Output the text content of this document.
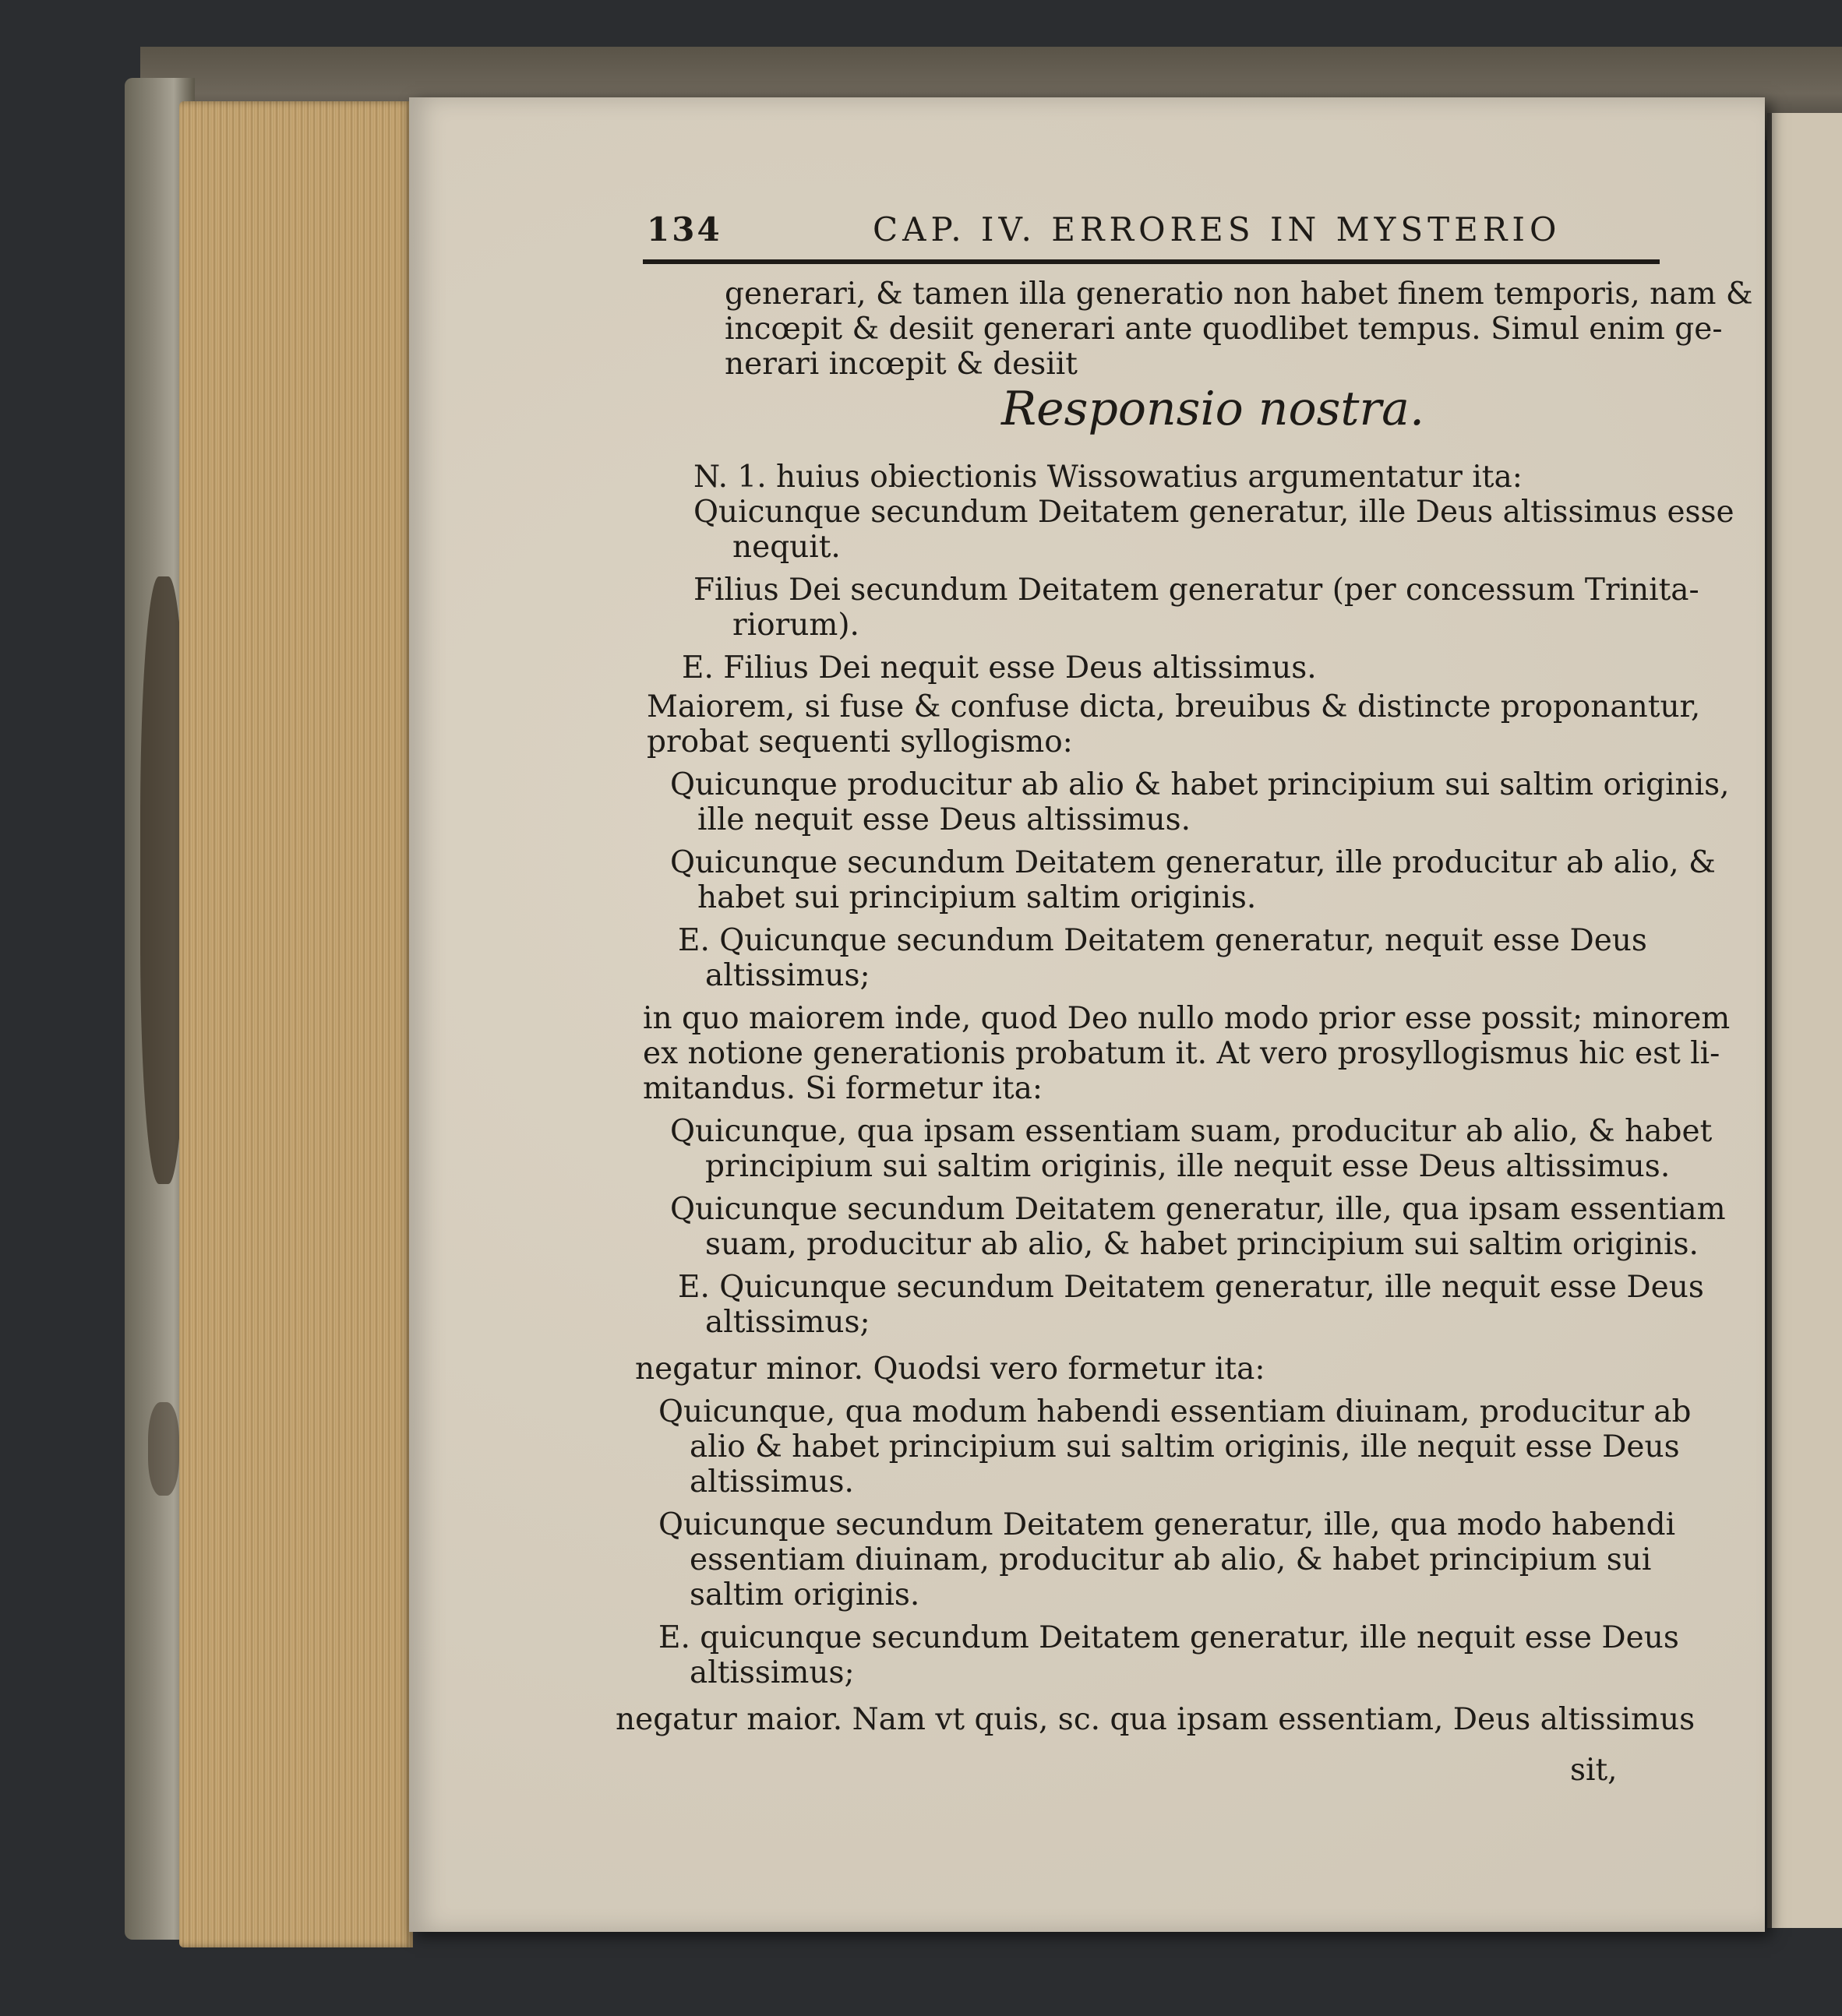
134	CAP. IV. ERRORES IN MYSTERIO
generari, & tamen illa generatio non habet finem temporis, nam &
incœpit & desiit generari ante quodlibet tempus. Simul enim ge-
nerari incœpit & desiit
Responsio nostra.
N. 1. huius obiectionis Wissowatius argumentatur ita:
Quicunque secundum Deitatem generatur, ille Deus altissimus esse
nequit.
Filius Dei secundum Deitatem generatur (per concessum Trinita-
riorum).
E. Filius Dei nequit esse Deus altissimus.
Maiorem, si fuse & confuse dicta, breuibus & distincte proponantur,
probat sequenti syllogismo:
Quicunque producitur ab alio & habet principium sui saltim originis,
ille nequit esse Deus altissimus.
Quicunque secundum Deitatem generatur, ille producitur ab alio, &
habet sui principium saltim originis.
E. Quicunque secundum Deitatem generatur, nequit esse Deus
altissimus;
in quo maiorem inde, quod Deo nullo modo prior esse possit; minorem
ex notione generationis probatum it. At vero prosyllogismus hic est li-
mitandus. Si formetur ita:
Quicunque, qua ipsam essentiam suam, producitur ab alio, & habet
principium sui saltim originis, ille nequit esse Deus altissimus.
Quicunque secundum Deitatem generatur, ille, qua ipsam essentiam
suam, producitur ab alio, & habet principium sui saltim originis.
E. Quicunque secundum Deitatem generatur, ille nequit esse Deus
altissimus;
negatur minor. Quodsi vero formetur ita:
Quicunque, qua modum habendi essentiam diuinam, producitur ab
alio & habet principium sui saltim originis, ille nequit esse Deus
altissimus.
Quicunque secundum Deitatem generatur, ille, qua modo habendi
essentiam diuinam, producitur ab alio, & habet principium sui
saltim originis.
E. quicunque secundum Deitatem generatur, ille nequit esse Deus
altissimus;
negatur maior. Nam vt quis, sc. qua ipsam essentiam, Deus altissimus
sit,
